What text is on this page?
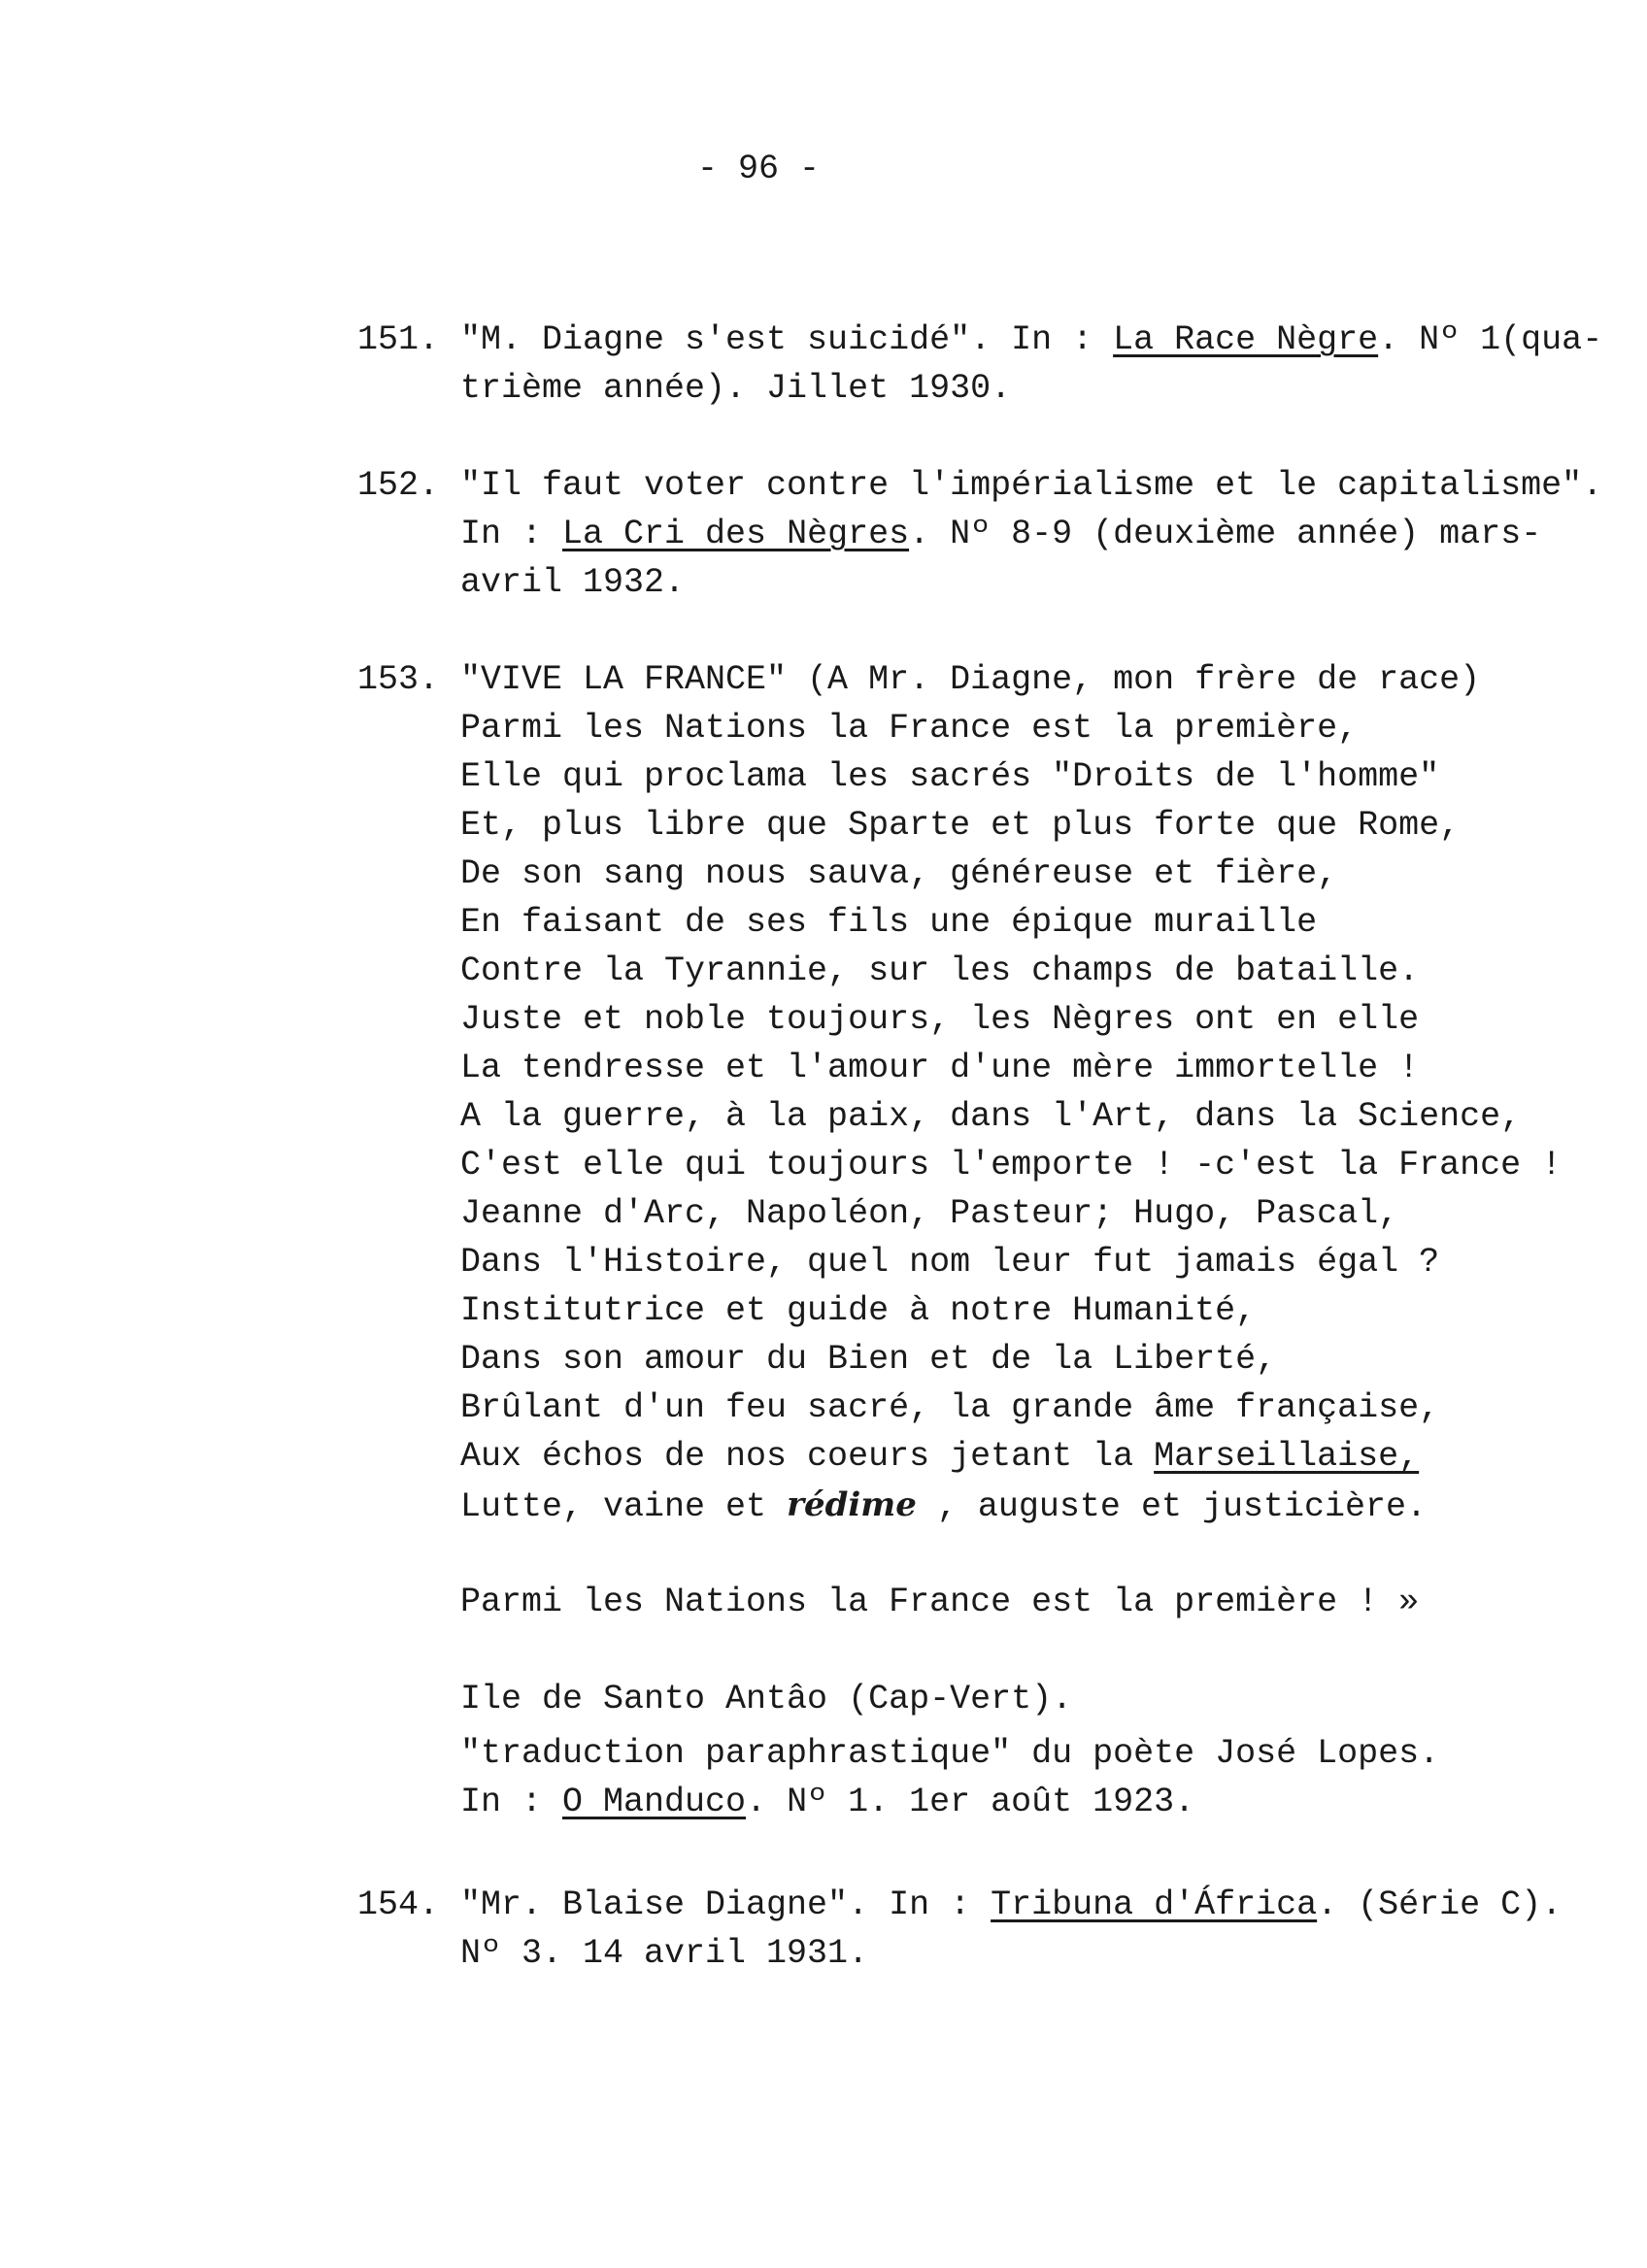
- 96 -
151. "M. Diagne s'est suicidé". In : La Race Nègre. Nº 1(qua-
trième année). Jillet 1930.
152. "Il faut voter contre l'impérialisme et le capitalisme".
In : La Cri des Nègres. Nº 8-9 (deuxième année) mars-
avril 1932.
153. "VIVE LA FRANCE" (A Mr. Diagne, mon frère de race)
Parmi les Nations la France est la première,
Elle qui proclama les sacrés "Droits de l'homme"
Et, plus libre que Sparte et plus forte que Rome,
De son sang nous sauva, généreuse et fière,
En faisant de ses fils une épique muraille
Contre la Tyrannie, sur les champs de bataille.
Juste et noble toujours, les Nègres ont en elle
La tendresse et l'amour d'une mère immortelle !
A la guerre, à la paix, dans l'Art, dans la Science,
C'est elle qui toujours l'emporte ! -c'est la France !
Jeanne d'Arc, Napoléon, Pasteur; Hugo, Pascal,
Dans l'Histoire, quel nom leur fut jamais égal ?
Institutrice et guide à notre Humanité,
Dans son amour du Bien et de la Liberté,
Brûlant d'un feu sacré, la grande âme française,
Aux échos de nos coeurs jetant la Marseillaise,
Lutte, vaine et rédime , auguste et justicière.
Parmi les Nations la France est la première ! »
Ile de Santo Antâo (Cap-Vert).
"traduction paraphrastique" du poète José Lopes.
In : O Manduco. Nº 1. 1er août 1923.
154. "Mr. Blaise Diagne". In : Tribuna d'África. (Série C).
Nº 3. 14 avril 1931.
